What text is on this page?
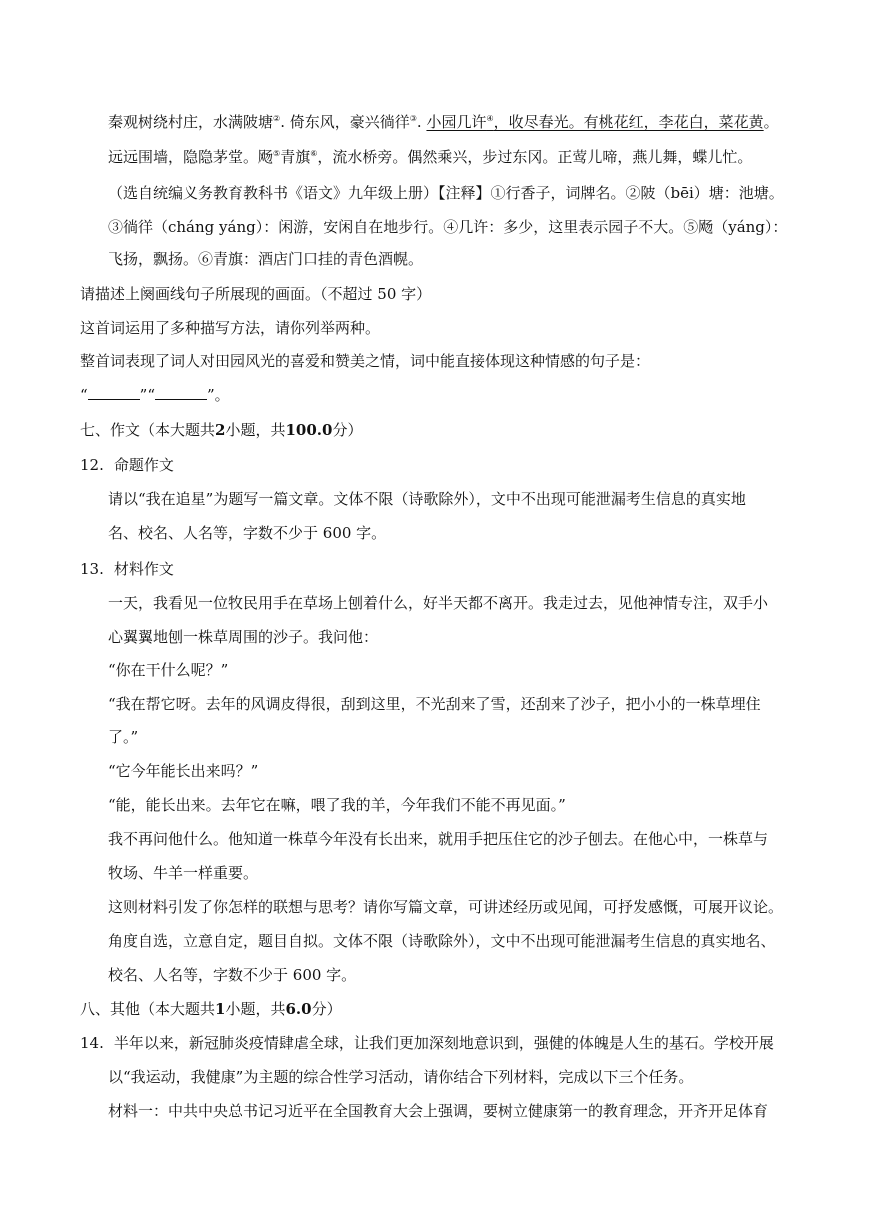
秦观树绕村庄，水满陂塘②. 倚东风，豪兴徜徉③. 小园几许④，收尽春光。有桃花红，李花白，菜花黄。
远远围墙，隐隐茅堂。飏⑤青旗⑥，流水桥旁。偶然乘兴，步过东冈。正莺儿啼，燕儿舞，蝶儿忙。
（选自统编义务教育教科书《语文》九年级上册）【注释】①行香子，词牌名。②陂（bēi）塘：池塘。
③徜徉（cháng yáng）：闲游，安闲自在地步行。④几许：多少，这里表示园子不大。⑤飏（yáng）：
飞扬，飘扬。⑥青旗：酒店门口挂的青色酒幌。
请描述上阕画线句子所展现的画面。（不超过 50 字）
这首词运用了多种描写方法，请你列举两种。
整首词表现了词人对田园风光的喜爱和赞美之情，词中能直接体现这种情感的句子是：
“	”“	”。
七、作文（本大题共2小题，共100.0分）
12. 命题作文
请以“我在追星”为题写一篇文章。文体不限（诗歌除外），文中不出现可能泄漏考生信息的真实地
名、校名、人名等，字数不少于 600 字。
13. 材料作文
一天，我看见一位牧民用手在草场上刨着什么，好半天都不离开。我走过去，见他神情专注，双手小
心翼翼地刨一株草周围的沙子。我问他：
“你在干什么呢？”
“我在帮它呀。去年的风调皮得很，刮到这里，不光刮来了雪，还刮来了沙子，把小小的一株草埋住
了。”
“它今年能长出来吗？”
“能，能长出来。去年它在嘛，喂了我的羊，今年我们不能不再见面。”
我不再问他什么。他知道一株草今年没有长出来，就用手把压住它的沙子刨去。在他心中，一株草与
牧场、牛羊一样重要。
这则材料引发了你怎样的联想与思考？请你写篇文章，可讲述经历或见闻，可抒发感慨，可展开议论。
角度自选，立意自定，题目自拟。文体不限（诗歌除外），文中不出现可能泄漏考生信息的真实地名、
校名、人名等，字数不少于 600 字。
八、其他（本大题共1小题，共6.0分）
14. 半年以来，新冠肺炎疫情肆虐全球，让我们更加深刻地意识到，强健的体魄是人生的基石。学校开展
以“我运动，我健康”为主题的综合性学习活动，请你结合下列材料，完成以下三个任务。
材料一：中共中央总书记习近平在全国教育大会上强调，要树立健康第一的教育理念，开齐开足体育
